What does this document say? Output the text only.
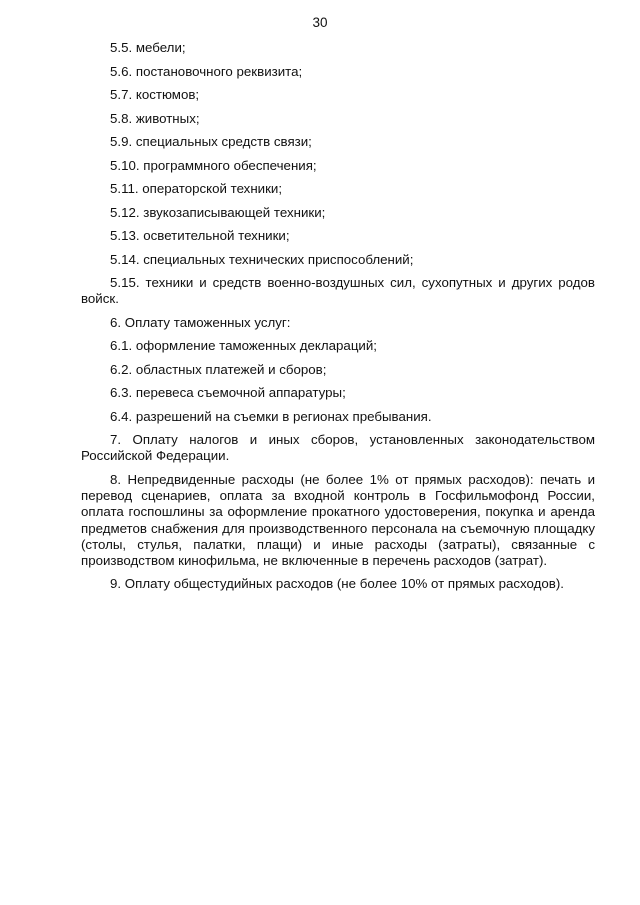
30

5.5. мебели;

5.6. постановочного реквизита;

5.7. костюмов;

5.8. животных;

5.9. специальных средств связи;

5.10. программного обеспечения;

5.11. операторской техники;

5.12. звукозаписывающей техники;

5.13. осветительной техники;

5.14. специальных технических приспособлений;

5.15. техники и средств военно-воздушных сил, сухопутных и других родов войск.

6. Оплату таможенных услуг:

6.1. оформление таможенных деклараций;

6.2. областных платежей и сборов;

6.3. перевеса съемочной аппаратуры;

6.4. разрешений на съемки в регионах пребывания.

7. Оплату налогов и иных сборов, установленных законодательством Российской Федерации.

8. Непредвиденные расходы (не более 1% от прямых расходов): печать и перевод сценариев, оплата за входной контроль в Госфильмофонд России, оплата госпошлины за оформление прокатного удостоверения, покупка и аренда предметов снабжения для производственного персонала на съемочную площадку (столы, стулья, палатки, плащи) и иные расходы (затраты), связанные с производством кинофильма, не включенные в перечень расходов (затрат).

9. Оплату общестудийных расходов (не более 10% от прямых расходов).
